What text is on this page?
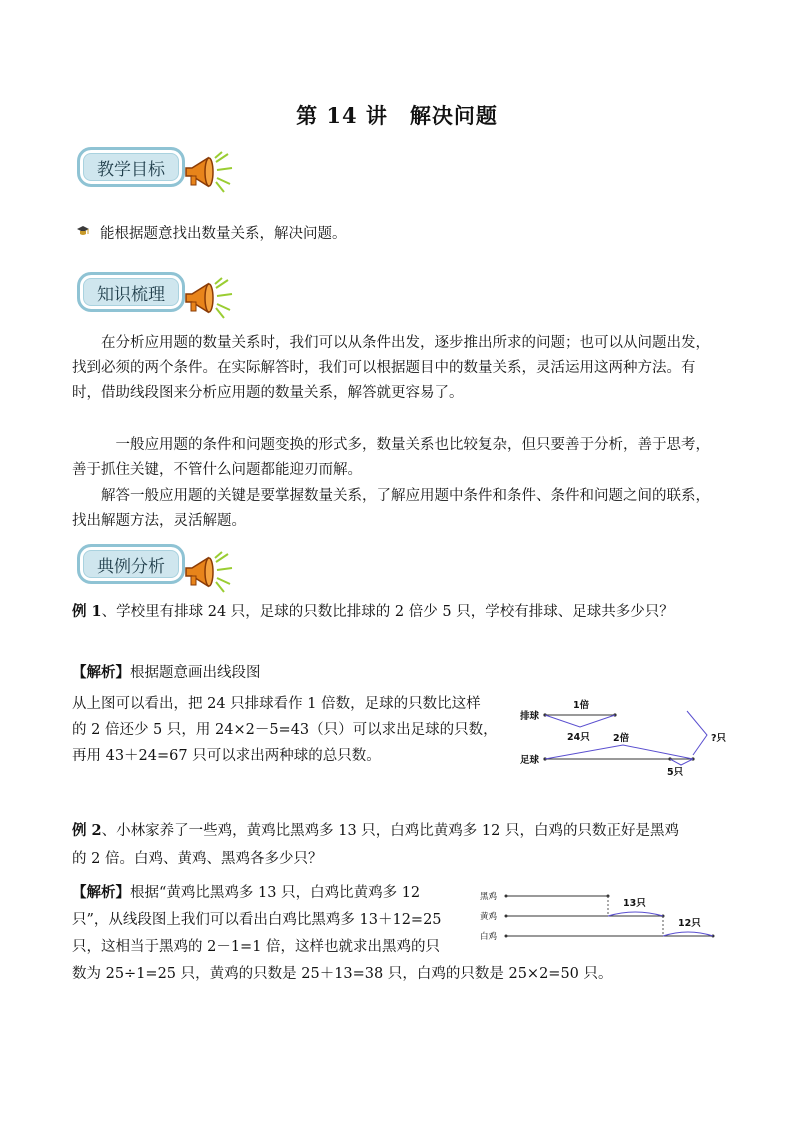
第 14 讲 解决问题
教学目标
能根据题意找出数量关系，解决问题。
知识梳理
在分析应用题的数量关系时，我们可以从条件出发，逐步推出所求的问题；也可以从问题出发，找到必须的两个条件。在实际解答时，我们可以根据题目中的数量关系，灵活运用这两种方法。有时，借助线段图来分析应用题的数量关系，解答就更容易了。
一般应用题的条件和问题变换的形式多，数量关系也比较复杂，但只要善于分析，善于思考，善于抓住关键，不管什么问题都能迎刃而解。
解答一般应用题的关键是要掌握数量关系，了解应用题中条件和条件、条件和问题之间的联系，找出解题方法，灵活解题。
典例分析
例 1、学校里有排球 24 只，足球的只数比排球的 2 倍少 5 只，学校有排球、足球共多少只？
【解析】根据题意画出线段图
从上图可以看出，把 24 只排球看作 1 倍数，足球的只数比这样
的 2 倍还少 5 只，用 24×2－5=43（只）可以求出足球的只数，
再用 43＋24=67 只可以求出两种球的总只数。
排球
足球
1倍
24只 2倍
5只
?只
例 2、小林家养了一些鸡，黄鸡比黑鸡多 13 只，白鸡比黄鸡多 12 只，白鸡的只数正好是黑鸡
的 2 倍。白鸡、黄鸡、黑鸡各多少只？
【解析】根据“黄鸡比黑鸡多 13 只，白鸡比黄鸡多 12
只”，从线段图上我们可以看出白鸡比黑鸡多 13＋12=25
只，这相当于黑鸡的 2－1=1 倍，这样也就求出黑鸡的只
数为 25÷1=25 只，黄鸡的只数是 25＋13=38 只，白鸡的只数是 25×2=50 只。
黑鸡
黄鸡
白鸡
13只
12只
